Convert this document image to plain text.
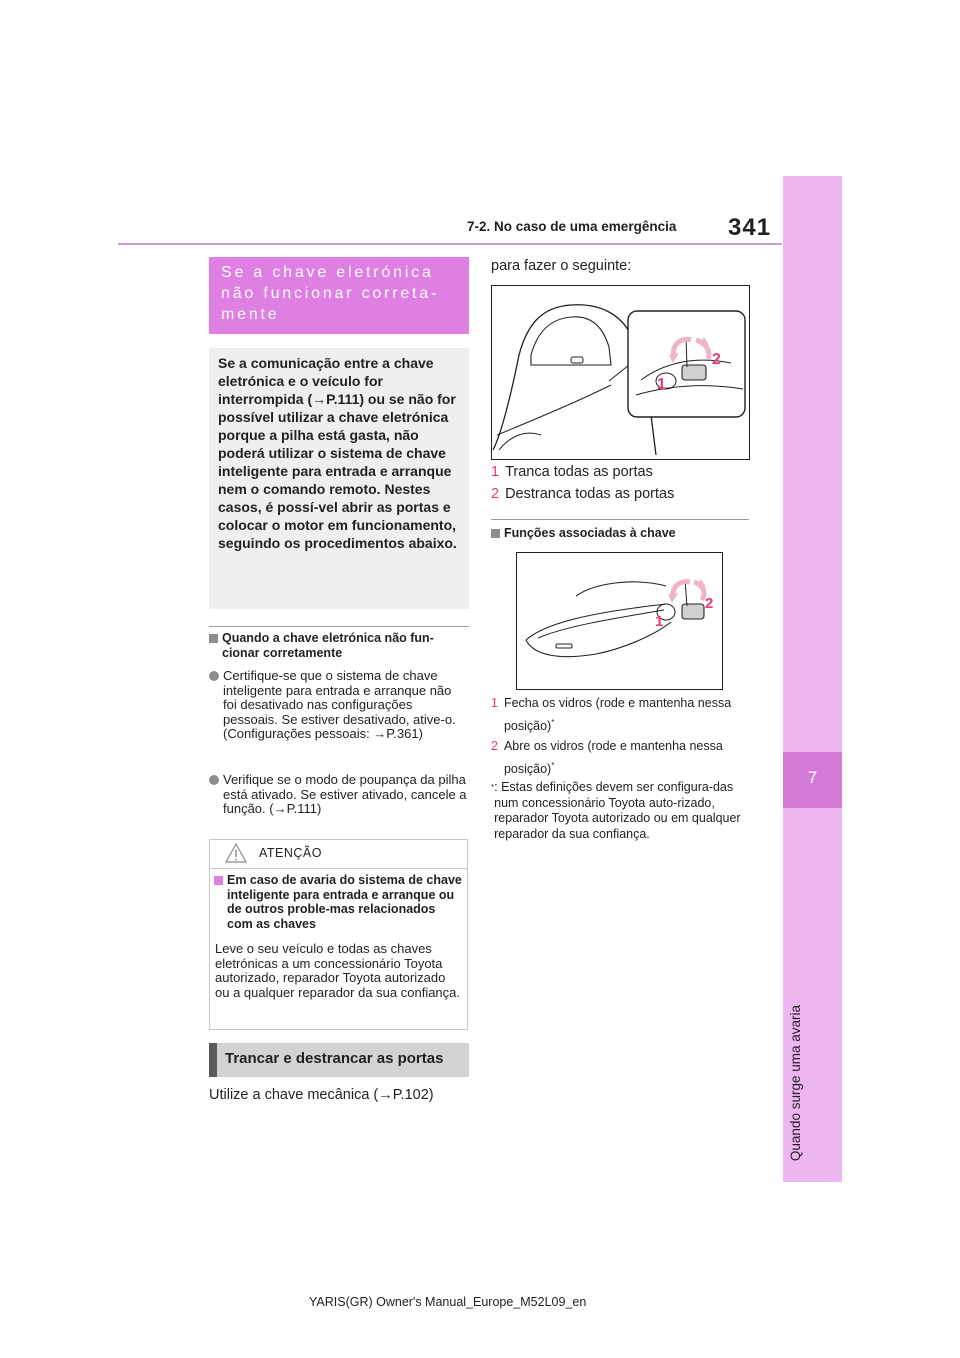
7-2. No caso de uma emergência 341
7
Quando surge uma avaria
Se a chave eletrónica não funcionar correta-mente
Se a comunicação entre a chave eletrónica e o veículo for interrompida (→P.111) ou se não for possível utilizar a chave eletrónica porque a pilha está gasta, não poderá utilizar o sistema de chave inteligente para entrada e arranque nem o comando remoto. Nestes casos, é possí-vel abrir as portas e colocar o motor em funcionamento, seguindo os procedimentos abaixo.
Quando a chave eletrónica não fun-cionar corretamente
Certifique-se que o sistema de chave inteligente para entrada e arranque não foi desativado nas configurações pessoais. Se estiver desativado, ative-o. (Configurações pessoais: →P.361)
Verifique se o modo de poupança da pilha está ativado. Se estiver ativado, cancele a função. (→P.111)
ATENÇÃO
Em caso de avaria do sistema de chave inteligente para entrada e arranque ou de outros proble-mas relacionados com as chaves
Leve o seu veículo e todas as chaves eletrónicas a um concessionário Toyota autorizado, reparador Toyota autorizado ou a qualquer reparador da sua confiança.
Trancar e destrancar as portas
Utilize a chave mecânica (→P.102)
para fazer o seguinte:
1
2
1 Tranca todas as portas
2 Destranca todas as portas
Funções associadas à chave
1
2
1 Fecha os vidros (rode e mantenha nessa posição)*
2 Abre os vidros (rode e mantenha nessa posição)*
* : Estas definições devem ser configura-das num concessionário Toyota auto-rizado, reparador Toyota autorizado ou em qualquer reparador da sua confiança.
YARIS(GR) Owner's Manual_Europe_M52L09_en
